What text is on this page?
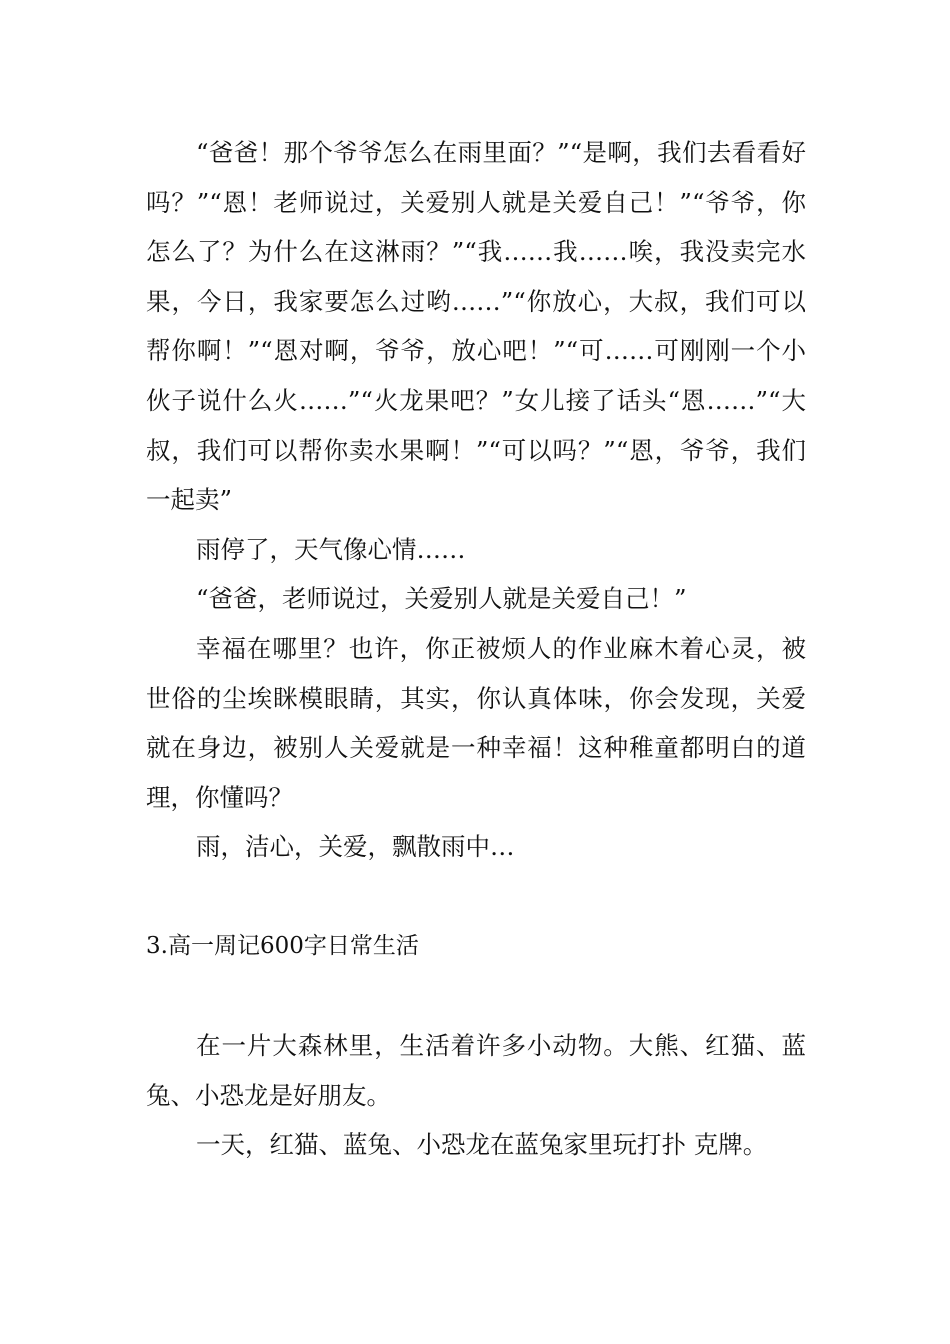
“爸爸！那个爷爷怎么在雨里面？”“是啊，我们去看看好吗？”“恩！老师说过，关爱别人就是关爱自己！”“爷爷，你怎么了？为什么在这淋雨？”“我……我……唉，我没卖完水果，今日，我家要怎么过哟……”“你放心，大叔，我们可以帮你啊！”“恩对啊，爷爷，放心吧！”“可……可刚刚一个小伙子说什么火……”“火龙果吧？”女儿接了话头“恩……”“大叔，我们可以帮你卖水果啊！”“可以吗？”“恩，爷爷，我们一起卖”

雨停了，天气像心情……

“爸爸，老师说过，关爱别人就是关爱自己！”

幸福在哪里？也许，你正被烦人的作业麻木着心灵，被世俗的尘埃眯模眼睛，其实，你认真体味，你会发现，关爱就在身边，被别人关爱就是一种幸福！这种稚童都明白的道理，你懂吗？

雨，洁心，关爱，飘散雨中…

3.高一周记600字日常生活

在一片大森林里，生活着许多小动物。大熊、红猫、蓝兔、小恐龙是好朋友。

一天，红猫、蓝兔、小恐龙在蓝兔家里玩打扑 克牌。
